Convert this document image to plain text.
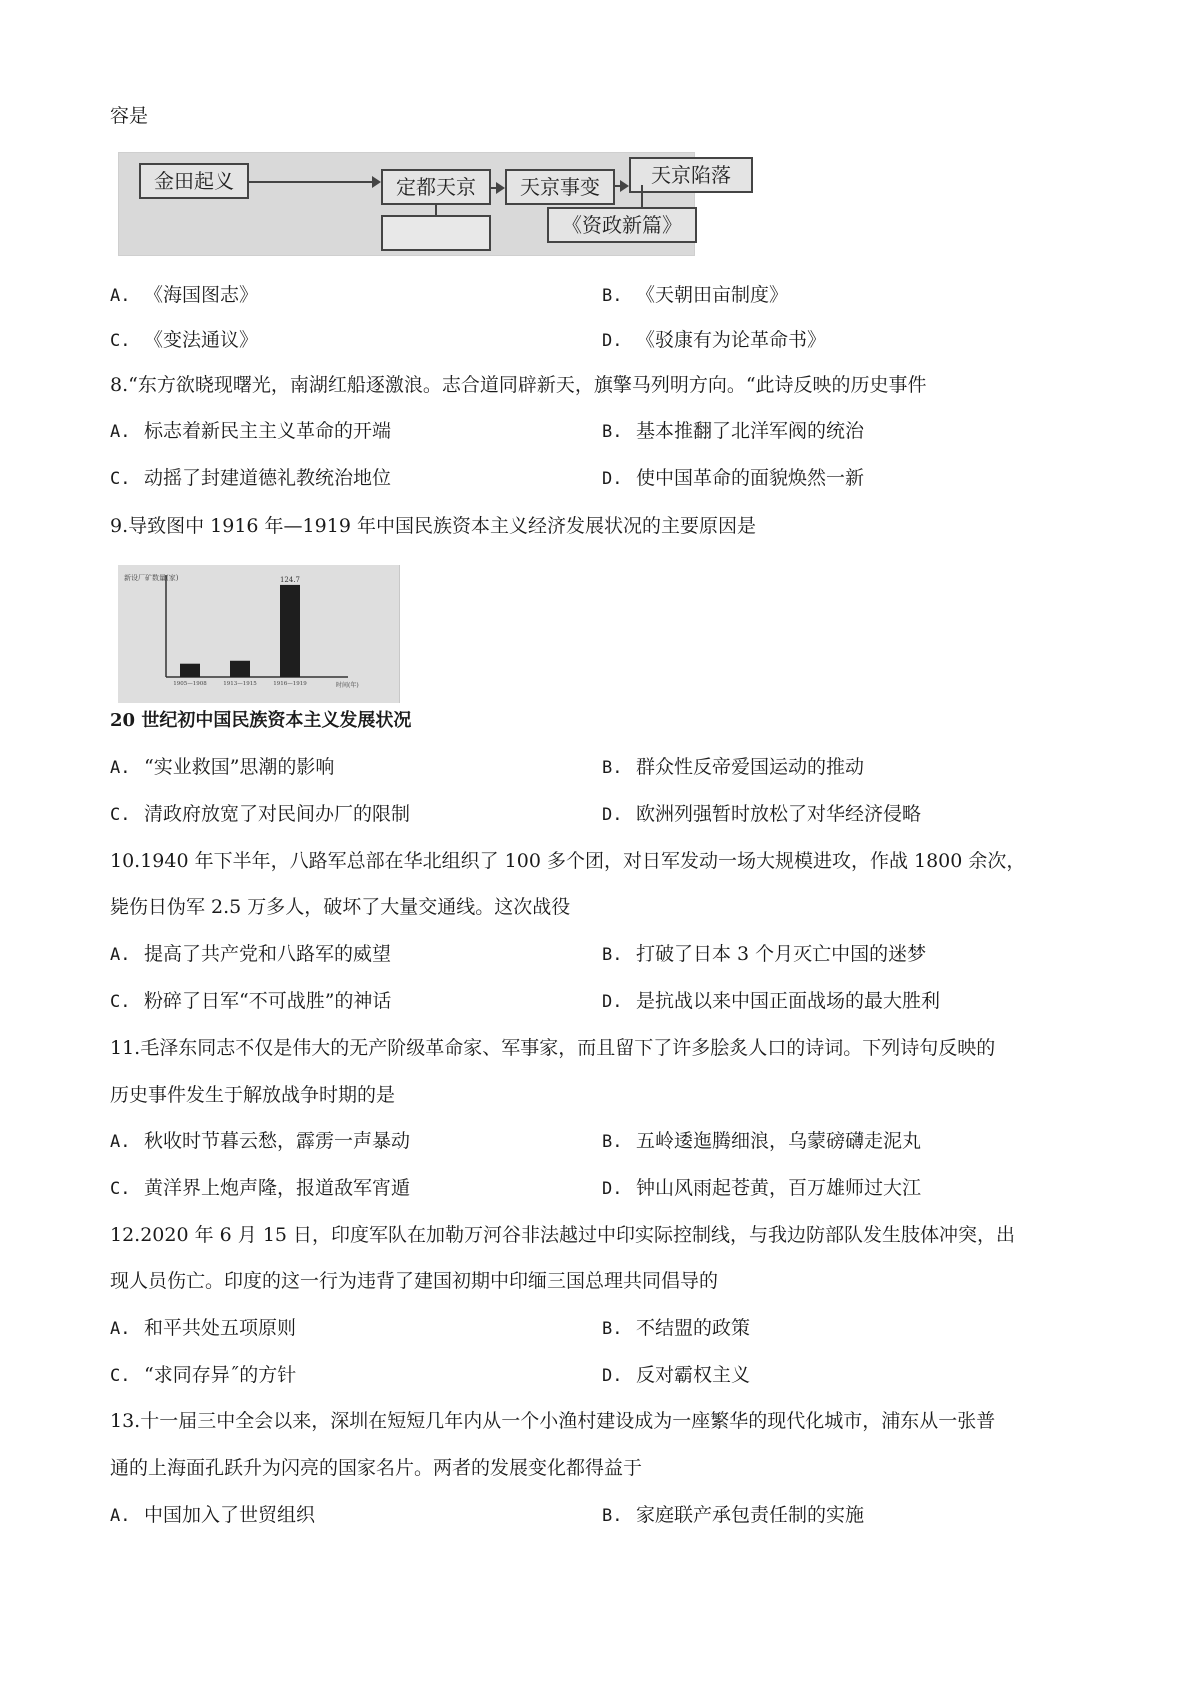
容是
金田起义	定都天京	天京事变	天京陷落
《资政新篇》
A. 《海国图志》	B. 《天朝田亩制度》
C. 《变法通议》	D. 《驳康有为论革命书》
8.“东方欲晓现曙光，南湖红船逐激浪。志合道同辟新天，旗擎马列明方向。“此诗反映的历史事件
A. 标志着新民主主义革命的开端	B. 基本推翻了北洋军阀的统治
C. 动摇了封建道德礼教统治地位	D. 使中国革命的面貌焕然一新
9.导致图中 1916 年—1919 年中国民族资本主义经济发展状况的主要原因是
新设厂矿数量(家)
时间(年)
1905—1908	1913—1915	1916—1919
124.7
20 世纪初中国民族资本主义发展状况
A. “实业救国”思潮的影响	B. 群众性反帝爱国运动的推动
C. 清政府放宽了对民间办厂的限制	D. 欧洲列强暂时放松了对华经济侵略
10.1940 年下半年，八路军总部在华北组织了 100 多个团，对日军发动一场大规模进攻，作战 1800 余次，
毙伤日伪军 2.5 万多人，破坏了大量交通线。这次战役
A. 提高了共产党和八路军的威望	B. 打破了日本 3 个月灭亡中国的迷梦
C. 粉碎了日军“不可战胜”的神话	D. 是抗战以来中国正面战场的最大胜利
11.毛泽东同志不仅是伟大的无产阶级革命家、军事家，而且留下了许多脍炙人口的诗词。下列诗句反映的
历史事件发生于解放战争时期的是
A. 秋收时节暮云愁，霹雳一声暴动	B. 五岭逶迤腾细浪，乌蒙磅礴走泥丸
C. 黄洋界上炮声隆，报道敌军宵遁	D. 钟山风雨起苍黄，百万雄师过大江
12.2020 年 6 月 15 日，印度军队在加勒万河谷非法越过中印实际控制线，与我边防部队发生肢体冲突，出
现人员伤亡。印度的这一行为违背了建国初期中印缅三国总理共同倡导的
A. 和平共处五项原则	B. 不结盟的政策
C. “求同存异˝的方针	D. 反对霸权主义
13.十一届三中全会以来，深圳在短短几年内从一个小渔村建设成为一座繁华的现代化城市，浦东从一张普
通的上海面孔跃升为闪亮的国家名片。两者的发展变化都得益于
A. 中国加入了世贸组织	B. 家庭联产承包责任制的实施
